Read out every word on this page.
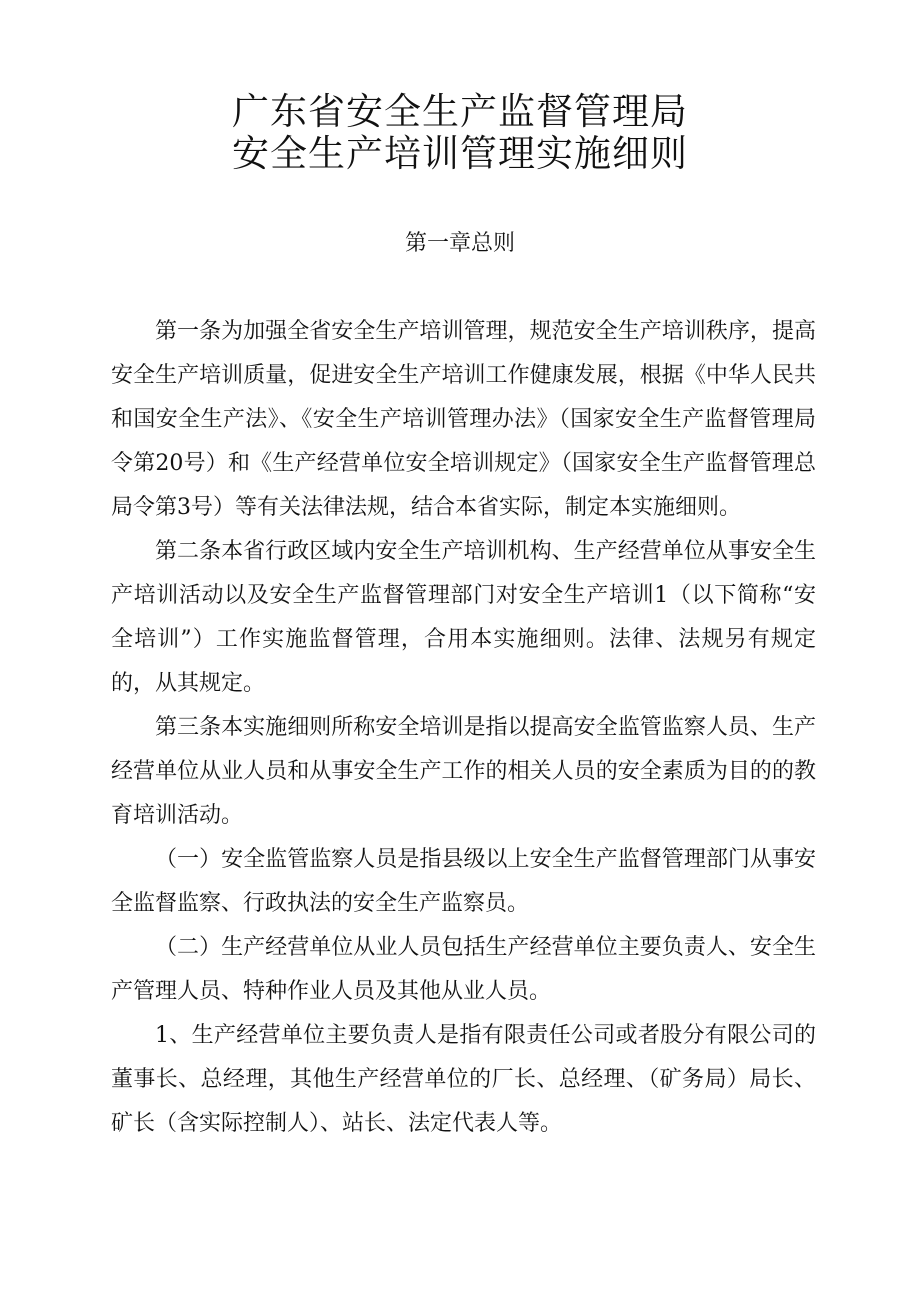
广东省安全生产监督管理局
安全生产培训管理实施细则
第一章总则

第一条为加强全省安全生产培训管理，规范安全生产培训秩序，提高安全生产培训质量，促进安全生产培训工作健康发展，根据《中华人民共和国安全生产法》、《安全生产培训管理办法》（国家安全生产监督管理局令第20号）和《生产经营单位安全培训规定》（国家安全生产监督管理总局令第3号）等有关法律法规，结合本省实际，制定本实施细则。

第二条本省行政区域内安全生产培训机构、生产经营单位从事安全生产培训活动以及安全生产监督管理部门对安全生产培训1（以下简称“安全培训”）工作实施监督管理，合用本实施细则。法律、法规另有规定的，从其规定。

第三条本实施细则所称安全培训是指以提高安全监管监察人员、生产经营单位从业人员和从事安全生产工作的相关人员的安全素质为目的的教育培训活动。

（一）安全监管监察人员是指县级以上安全生产监督管理部门从事安全监督监察、行政执法的安全生产监察员。

（二）生产经营单位从业人员包括生产经营单位主要负责人、安全生产管理人员、特种作业人员及其他从业人员。

1、生产经营单位主要负责人是指有限责任公司或者股分有限公司的董事长、总经理，其他生产经营单位的厂长、总经理、（矿务局）局长、矿长（含实际控制人）、站长、法定代表人等。
